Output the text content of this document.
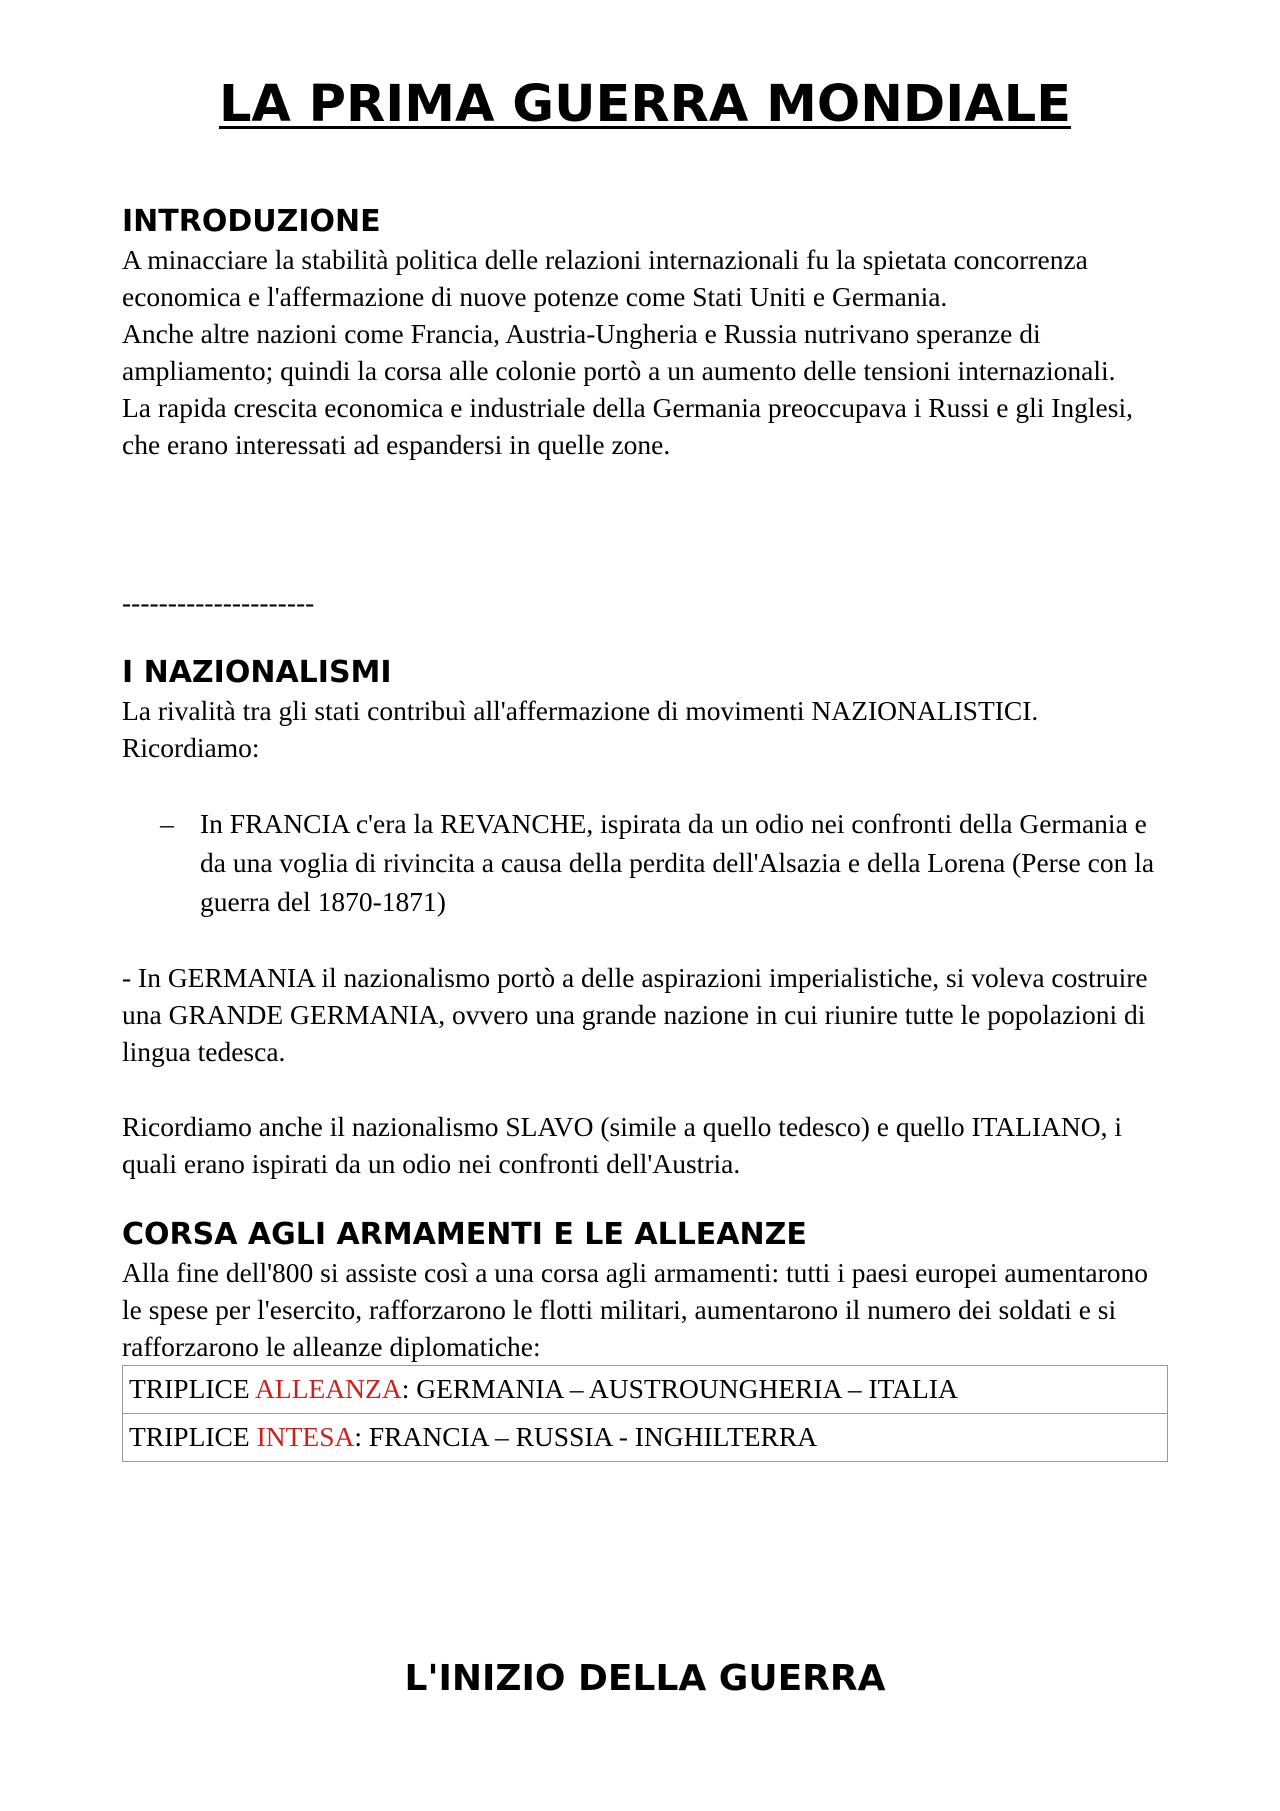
LA PRIMA GUERRA MONDIALE
INTRODUZIONE

A minacciare la stabilità politica delle relazioni internazionali fu la spietata concorrenza economica e l'affermazione di nuove potenze come Stati Uniti e Germania.

Anche altre nazioni come Francia, Austria-Ungheria e Russia nutrivano speranze di ampliamento; quindi la corsa alle colonie portò a un aumento delle tensioni internazionali.

La rapida crescita economica e industriale della Germania preoccupava i Russi e gli Inglesi, che erano interessati ad espandersi in quelle zone.

---------------------

I NAZIONALISMI

La rivalità tra gli stati contribuì all'affermazione di movimenti NAZIONALISTICI. Ricordiamo:

– In FRANCIA c'era la REVANCHE, ispirata da un odio nei confronti della Germania e da una voglia di rivincita a causa della perdita dell'Alsazia e della Lorena (Perse con la guerra del 1870-1871)

- In GERMANIA il nazionalismo portò a delle aspirazioni imperialistiche, si voleva costruire una GRANDE GERMANIA, ovvero una grande nazione in cui riunire tutte le popolazioni di lingua tedesca.

Ricordiamo anche il nazionalismo SLAVO (simile a quello tedesco) e quello ITALIANO, i quali erano ispirati da un odio nei confronti dell'Austria.

CORSA AGLI ARMAMENTI E LE ALLEANZE

Alla fine dell'800 si assiste così a una corsa agli armamenti: tutti i paesi europei aumentarono le spese per l'esercito, rafforzarono le flotti militari, aumentarono il numero dei soldati e si rafforzarono le alleanze diplomatiche:

TRIPLICE ALLEANZA: GERMANIA – AUSTROUNGHERIA – ITALIA
TRIPLICE INTESA: FRANCIA – RUSSIA - INGHILTERRA
L'INIZIO DELLA GUERRA
